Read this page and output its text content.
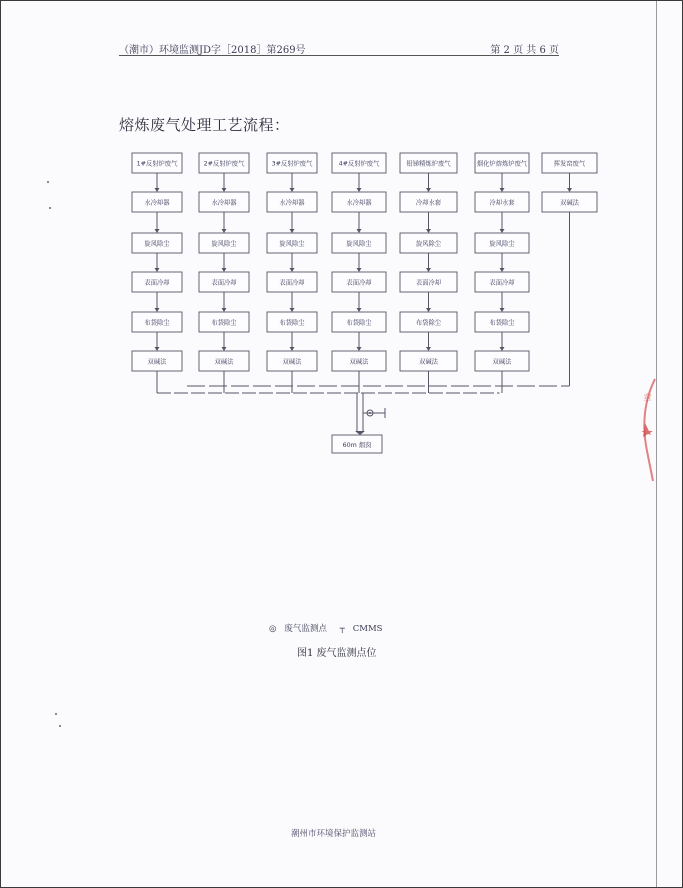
（潮市）环境监测JD字［2018］第269号	第 2 页 共 6 页
熔炼废气处理工艺流程：
1#反射炉废气
水冷却器
旋风除尘
表面冷却
布袋除尘
双碱法
2#反射炉废气
水冷却器
旋风除尘
表面冷却
布袋除尘
双碱法
3#反射炉废气
水冷却器
旋风除尘
表面冷却
布袋除尘
双碱法
4#反射炉废气
水冷却器
旋风除尘
表面冷却
布袋除尘
双碱法
铅锑精炼炉废气
冷却水套
旋风除尘
表面冷却
布袋除尘
双碱法
烟化炉熔炼炉废气
冷却水套
旋风除尘
表面冷却
布袋除尘
双碱法
挥发窑废气
双碱法
60m 烟囱
◎ 废气监测点 ┬ CMMS
图1 废气监测点位
潮州市环境保护监测站
章
